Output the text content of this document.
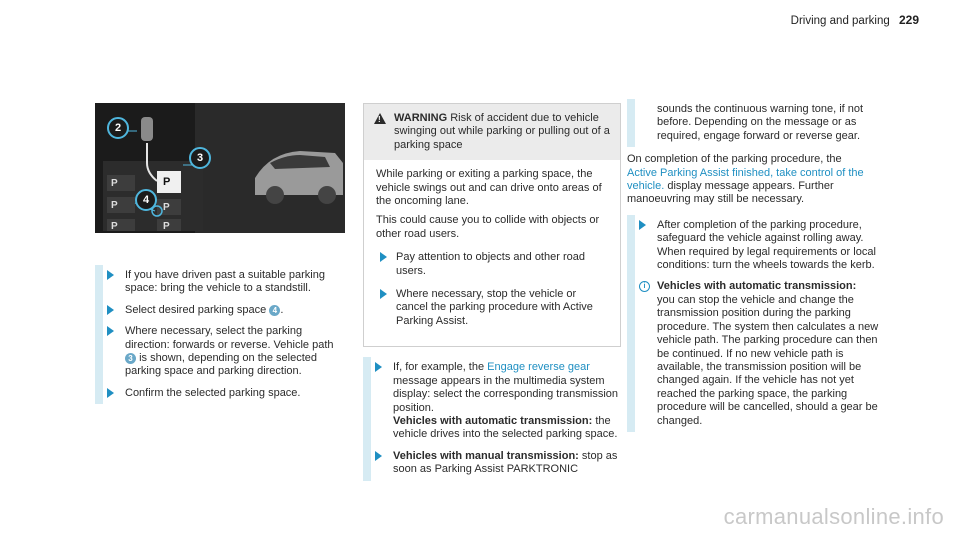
Driving and parking 229
2
3
4
P
P
P
P
P
P
If you have driven past a suitable parking space: bring the vehicle to a standstill.
Select desired parking space 4 .
Where necessary, select the parking direction: forwards or reverse. Vehicle path 3 is shown, depending on the selected parking space and parking direction.
Confirm the selected parking space.
!
WARNING Risk of accident due to vehicle swinging out while parking or pulling out of a parking space

While parking or exiting a parking space, the vehicle swings out and can drive onto areas of the oncoming lane.

This could cause you to collide with objects or other road users.

Pay attention to objects and other road users.
Where necessary, stop the vehicle or cancel the parking procedure with Active Parking Assist.
If, for example, the Engage reverse gear message appears in the multimedia system display: select the corresponding transmission position.
Vehicles with automatic transmission: the vehicle drives into the selected parking space.
Vehicles with manual transmission: stop as soon as Parking Assist PARKTRONIC
sounds the continuous warning tone, if not before. Depending on the message or as required, engage forward or reverse gear.

On completion of the parking procedure, the
Active Parking Assist finished, take control of the vehicle. display message appears. Further manoeuvring may still be necessary.

After completion of the parking procedure, safeguard the vehicle against rolling away. When required by legal requirements or local conditions: turn the wheels towards the kerb.
i	Vehicles with automatic transmission:
you can stop the vehicle and change the transmission position during the parking procedure. The system then calculates a new vehicle path. The parking procedure can then be continued. If no new vehicle path is available, the transmission position will be changed again. If the vehicle has not yet reached the parking space, the parking procedure will be cancelled, should a gear be changed.
carmanualsonline.info
